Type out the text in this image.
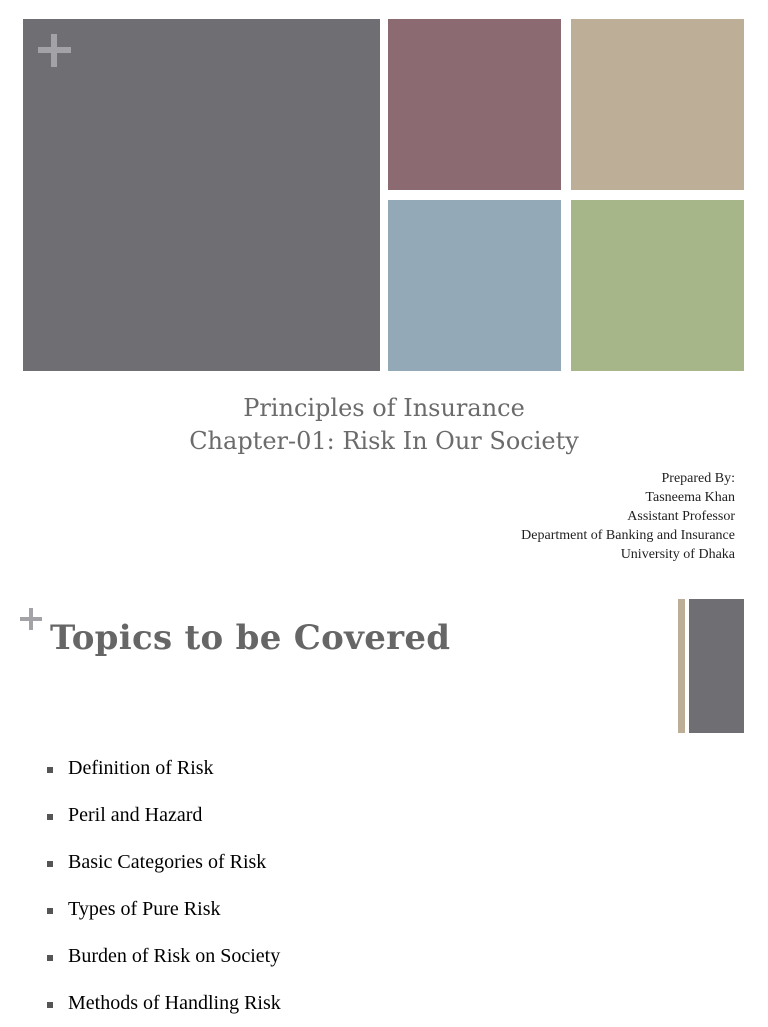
Principles of Insurance
Chapter-01: Risk In Our Society
Prepared By:
Tasneema Khan
Assistant Professor
Department of Banking and Insurance
University of Dhaka
Topics to be Covered
Definition of Risk
Peril and Hazard
Basic Categories of Risk
Types of Pure Risk
Burden of Risk on Society
Methods of Handling Risk
